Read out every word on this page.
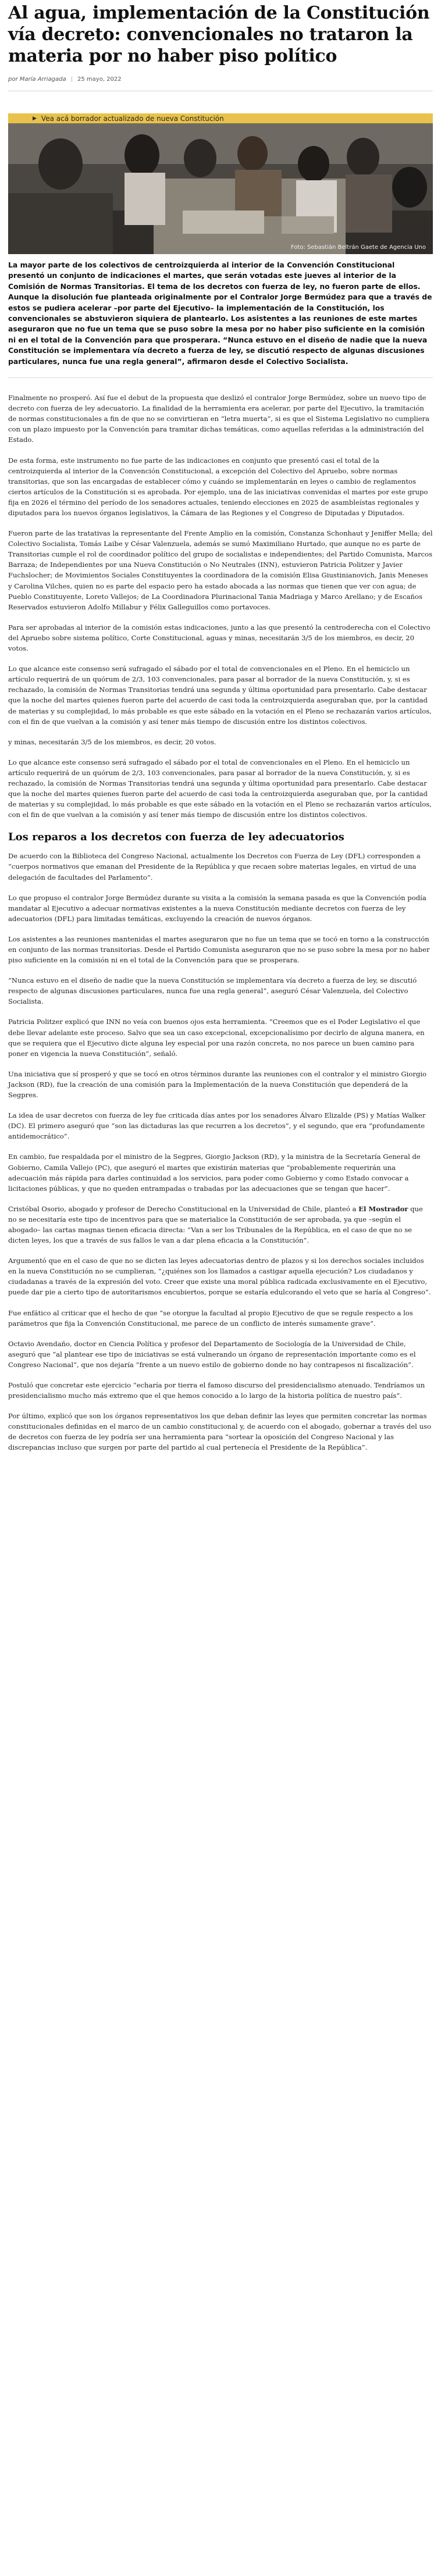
Al agua, implementación de la Constitución vía decreto: convencionales no trataron la materia por no haber piso político
por María Arriagada | 25 mayo, 2022
▶ Vea acá borrador actualizado de nueva Constitución
Foto: Sebastián Beltrán Gaete de Agencia Uno

La mayor parte de los colectivos de centroizquierda al interior de la Convención Constitucional presentó un conjunto de indicaciones el martes, que serán votadas este jueves al interior de la Comisión de Normas Transitorias. El tema de los decretos con fuerza de ley, no fueron parte de ellos. Aunque la disolución fue planteada originalmente por el Contralor Jorge Bermúdez para que a través de estos se pudiera acelerar –por parte del Ejecutivo– la implementación de la Constitución, los convencionales se abstuvieron siquiera de plantearlo. Los asistentes a las reuniones de este martes aseguraron que no fue un tema que se puso sobre la mesa por no haber piso suficiente en la comisión ni en el total de la Convención para que prosperara. “Nunca estuvo en el diseño de nadie que la nueva Constitución se implementara vía decreto a fuerza de ley, se discutió respecto de algunas discusiones particulares, nunca fue una regla general”, afirmaron desde el Colectivo Socialista.

Finalmente no prosperó. Así fue el debut de la propuesta que deslizó el contralor Jorge Bermúdez, sobre un nuevo tipo de decreto con fuerza de ley adecuatorio. La finalidad de la herramienta era acelerar, por parte del Ejecutivo, la tramitación de normas constitucionales a fin de que no se convirtieran en “letra muerta”, si es que el Sistema Legislativo no cumpliera con un plazo impuesto por la Convención para tramitar dichas temáticas, como aquellas referidas a la administración del Estado.

De esta forma, este instrumento no fue parte de las indicaciones en conjunto que presentó casi el total de la centroizquierda al interior de la Convención Constitucional, a excepción del Colectivo del Apruebo, sobre normas transitorias, que son las encargadas de establecer cómo y cuándo se implementarán en leyes o cambio de reglamentos ciertos artículos de la Constitución si es aprobada. Por ejemplo, una de las iniciativas convenidas el martes por este grupo fija en 2026 el término del período de los senadores actuales, teniendo elecciones en 2025 de asambleístas regionales y diputados para los nuevos órganos legislativos, la Cámara de las Regiones y el Congreso de Diputadas y Diputados.

Fueron parte de las tratativas la representante del Frente Amplio en la comisión, Constanza Schonhaut y Jeniffer Mella; del Colectivo Socialista, Tomás Laibe y César Valenzuela, además se sumó Maximiliano Hurtado, que aunque no es parte de Transitorias cumple el rol de coordinador político del grupo de socialistas e independientes; del Partido Comunista, Marcos Barraza; de Independientes por una Nueva Constitución o No Neutrales (INN), estuvieron Patricia Politzer y Javier Fuchslocher; de Movimientos Sociales Constituyentes la coordinadora de la comisión Elisa Giustinianovich, Janis Meneses y Carolina Vilches, quien no es parte del espacio pero ha estado abocada a las normas que tienen que ver con agua; de Pueblo Constituyente, Loreto Vallejos; de La Coordinadora Plurinacional Tania Madriaga y Marco Arellano; y de Escaños Reservados estuvieron Adolfo Millabur y Félix Galleguillos como portavoces.

Para ser aprobadas al interior de la comisión estas indicaciones, junto a las que presentó la centroderecha con el Colectivo del Apruebo sobre sistema político, Corte Constitucional, aguas y minas, necesitarán 3/5 de los miembros, es decir, 20 votos.

Lo que alcance este consenso será sufragado el sábado por el total de convencionales en el Pleno. En el hemiciclo un artículo requerirá de un quórum de 2/3, 103 convencionales, para pasar al borrador de la nueva Constitución, y, si es rechazado, la comisión de Normas Transitorias tendrá una segunda y última oportunidad para presentarlo. Cabe destacar que la noche del martes quienes fueron parte del acuerdo de casi toda la centroizquierda aseguraban que, por la cantidad de materias y su complejidad, lo más probable es que este sábado en la votación en el Pleno se rechazarán varios artículos, con el fin de que vuelvan a la comisión y así tener más tiempo de discusión entre los distintos colectivos.

y minas, necesitarán 3/5 de los miembros, es decir, 20 votos.

Lo que alcance este consenso será sufragado el sábado por el total de convencionales en el Pleno. En el hemiciclo un artículo requerirá de un quórum de 2/3, 103 convencionales, para pasar al borrador de la nueva Constitución, y, si es rechazado, la comisión de Normas Transitorias tendrá una segunda y última oportunidad para presentarlo. Cabe destacar que la noche del martes quienes fueron parte del acuerdo de casi toda la centroizquierda aseguraban que, por la cantidad de materias y su complejidad, lo más probable es que este sábado en la votación en el Pleno se rechazarán varios artículos, con el fin de que vuelvan a la comisión y así tener más tiempo de discusión entre los distintos colectivos.

Los reparos a los decretos con fuerza de ley adecuatorios

De acuerdo con la Biblioteca del Congreso Nacional, actualmente los Decretos con Fuerza de Ley (DFL) corresponden a “cuerpos normativos que emanan del Presidente de la República y que recaen sobre materias legales, en virtud de una delegación de facultades del Parlamento”.

Lo que propuso el contralor Jorge Bermúdez durante su visita a la comisión la semana pasada es que la Convención podía mandatar al Ejecutivo a adecuar normativas existentes a la nueva Constitución mediante decretos con fuerza de ley adecuatorios (DFL) para limitadas temáticas, excluyendo la creación de nuevos órganos.

Los asistentes a las reuniones mantenidas el martes aseguraron que no fue un tema que se tocó en torno a la construcción en conjunto de las normas transitorias. Desde el Partido Comunista aseguraron que no se puso sobre la mesa por no haber piso suficiente en la comisión ni en el total de la Convención para que se prosperara.

“Nunca estuvo en el diseño de nadie que la nueva Constitución se implementara vía decreto a fuerza de ley, se discutió respecto de algunas discusiones particulares, nunca fue una regla general”, aseguró César Valenzuela, del Colectivo Socialista.

Patricia Politzer explicó que INN no veía con buenos ojos esta herramienta. “Creemos que es el Poder Legislativo el que debe llevar adelante este proceso. Salvo que sea un caso excepcional, excepcionalísimo por decirlo de alguna manera, en que se requiera que el Ejecutivo dicte alguna ley especial por una razón concreta, no nos parece un buen camino para poner en vigencia la nueva Constitución”, señaló.

Una iniciativa que sí prosperó y que se tocó en otros términos durante las reuniones con el contralor y el ministro Giorgio Jackson (RD), fue la creación de una comisión para la Implementación de la nueva Constitución que dependerá de la Segpres.

La idea de usar decretos con fuerza de ley fue criticada días antes por los senadores Álvaro Elizalde (PS) y Matías Walker (DC). El primero aseguró que “son las dictaduras las que recurren a los decretos”, y el segundo, que era “profundamente antidemocrático”.

En cambio, fue respaldada por el ministro de la Segpres, Giorgio Jackson (RD), y la ministra de la Secretaría General de Gobierno, Camila Vallejo (PC), que aseguró el martes que existirán materias que “probablemente requerirán una adecuación más rápida para darles continuidad a los servicios, para poder como Gobierno y como Estado convocar a licitaciones públicas, y que no queden entrampadas o trabadas por las adecuaciones que se tengan que hacer”.

Cristóbal Osorio, abogado y profesor de Derecho Constitucional en la Universidad de Chile, planteó a El Mostrador que no se necesitaría este tipo de incentivos para que se materialice la Constitución de ser aprobada, ya que –según el abogado– las cartas magnas tienen eficacia directa: “Van a ser los Tribunales de la República, en el caso de que no se dicten leyes, los que a través de sus fallos le van a dar plena eficacia a la Constitución”.

Argumentó que en el caso de que no se dicten las leyes adecuatorias dentro de plazos y si los derechos sociales incluidos en la nueva Constitución no se cumplieran, “¿quiénes son los llamados a castigar aquella ejecución? Los ciudadanos y ciudadanas a través de la expresión del voto. Creer que existe una moral pública radicada exclusivamente en el Ejecutivo, puede dar pie a cierto tipo de autoritarismos encubiertos, porque se estaría edulcorando el veto que se haría al Congreso”.

Fue enfático al criticar que el hecho de que “se otorgue la facultad al propio Ejecutivo de que se regule respecto a los parámetros que fija la Convención Constitucional, me parece de un conflicto de interés sumamente grave”.

Octavio Avendaño, doctor en Ciencia Política y profesor del Departamento de Sociología de la Universidad de Chile, aseguró que “al plantear ese tipo de iniciativas se está vulnerando un órgano de representación importante como es el Congreso Nacional”, que nos dejaría “frente a un nuevo estilo de gobierno donde no hay contrapesos ni fiscalización”.

Postuló que concretar este ejercicio “echaría por tierra el famoso discurso del presidencialismo atenuado. Tendríamos un presidencialismo mucho más extremo que el que hemos conocido a lo largo de la historia política de nuestro país”.

Por último, explicó que son los órganos representativos los que deban definir las leyes que permiten concretar las normas constitucionales definidas en el marco de un cambio constitucional y, de acuerdo con el abogado, gobernar a través del uso de decretos con fuerza de ley podría ser una herramienta para “sortear la oposición del Congreso Nacional y las discrepancias incluso que surgen por parte del partido al cual pertenecía el Presidente de la República”.
